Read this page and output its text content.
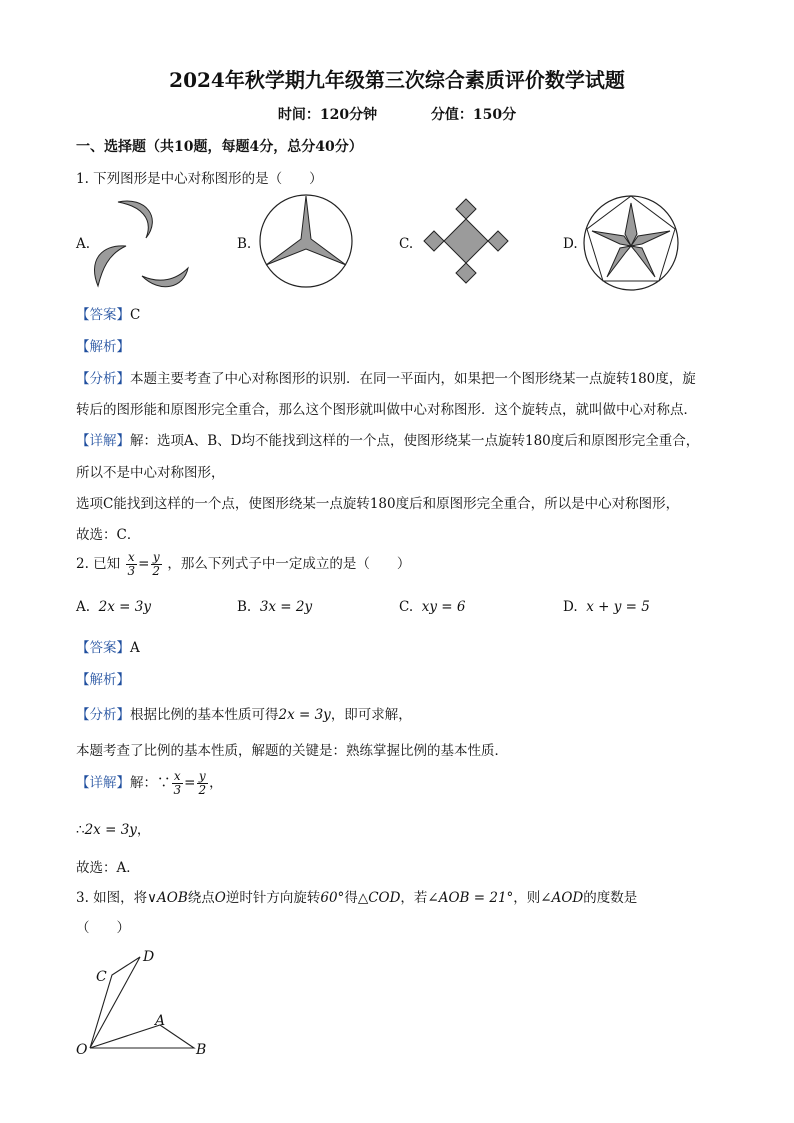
2024年秋学期九年级第三次综合素质评价数学试题
时间：120分钟	分值：150分
一、选择题（共10题，每题4分，总分40分）
1. 下列图形是中心对称图形的是（　　）
A.	B.	C.	D.
【答案】C
【解析】
【分析】本题主要考查了中心对称图形的识别．在同一平面内，如果把一个图形绕某一点旋转180度，旋
转后的图形能和原图形完全重合，那么这个图形就叫做中心对称图形．这个旋转点，就叫做中心对称点．
【详解】解：选项A、B、D均不能找到这样的一个点，使图形绕某一点旋转180度后和原图形完全重合，
所以不是中心对称图形，
选项C能找到这样的一个点，使图形绕某一点旋转180度后和原图形完全重合，所以是中心对称图形，
故选：C．
2. 已知 $\frac{x}{3} = \frac{y}{2}$ ，那么下列式子中一定成立的是（　　）
A. 2x = 3y	B. 3x = 2y	C. xy = 6	D. x + y = 5
【答案】A
【解析】
【分析】根据比例的基本性质可得2x = 3y，即可求解，
本题考查了比例的基本性质，解题的关键是：熟练掌握比例的基本性质．
【详解】解：∵ $\frac{x}{3} = \frac{y}{2}$ ，
∴2x = 3y，
故选：A．
3. 如图，将∨AOB绕点O逆时针方向旋转60°得△COD，若∠AOB = 21°，则∠AOD的度数是
（　　）
D
C
A
O	B
